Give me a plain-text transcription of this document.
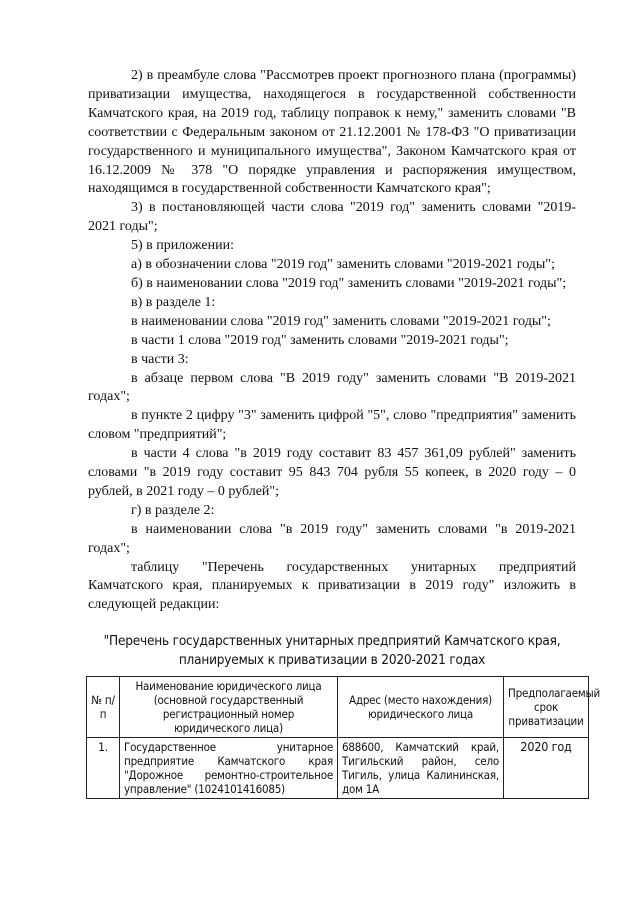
2) в преамбуле слова "Рассмотрев проект прогнозного плана (программы) приватизации имущества, находящегося в государственной собственности Камчатского края, на 2019 год, таблицу поправок к нему," заменить словами "В соответствии с Федеральным законом от 21.12.2001 № 178-ФЗ "О приватизации государственного и муниципального имущества", Законом Камчатского края от 16.12.2009 № 378 "О порядке управления и распоряжения имуществом, находящимся в государственной собственности Камчатского края";

3) в постановляющей части слова "2019 год" заменить словами "2019-2021 годы";

5) в приложении:

а) в обозначении слова "2019 год" заменить словами "2019-2021 годы";

б) в наименовании слова "2019 год" заменить словами "2019-2021 годы";

в) в разделе 1:

в наименовании слова "2019 год" заменить словами "2019-2021 годы";

в части 1 слова "2019 год" заменить словами "2019-2021 годы";

в части 3:

в абзаце первом слова "В 2019 году" заменить словами "В 2019-2021 годах";

в пункте 2 цифру "3" заменить цифрой "5", слово "предприятия" заменить словом "предприятий";

в части 4 слова "в 2019 году составит 83 457 361,09 рублей" заменить словами "в 2019 году составит 95 843 704 рубля 55 копеек, в 2020 году – 0 рублей, в 2021 году – 0 рублей";

г) в разделе 2:

в наименовании слова "в 2019 году" заменить словами "в 2019-2021 годах";

таблицу "Перечень государственных унитарных предприятий Камчатского края, планируемых к приватизации в 2019 году" изложить в следующей редакции:

"Перечень государственных унитарных предприятий Камчатского края,

планируемых к приватизации в 2020-2021 годах

№ п/п	Наименование юридического лица (основной государственный регистрационный номер юридического лица)	Адрес (место нахождения) юридического лица	Предполагаемый срок приватизации
1.	Государственное унитарное предприятие Камчатского края "Дорожное ремонтно-строительное управление" (1024101416085)	688600, Камчатский край, Тигильский район, село Тигиль, улица Калининская, дом 1А	2020 год
